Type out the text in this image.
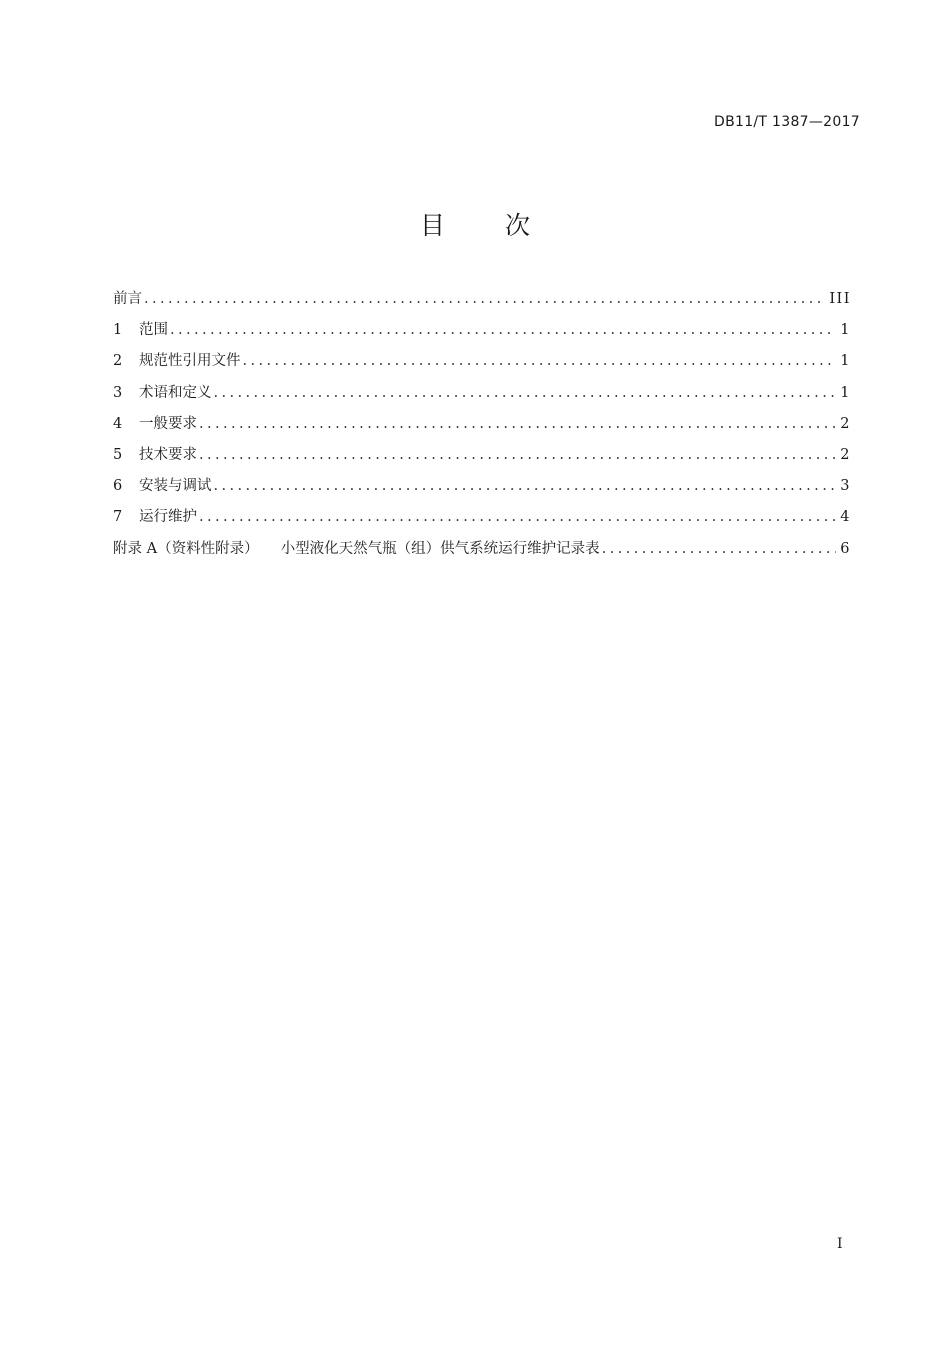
DB11/T 1387—2017
目 次
前言 .....	III
1	范围 .....	1
2	规范性引用文件 .....	1
3	术语和定义 .....	1
4	一般要求 .....	2
5	技术要求 .....	2
6	安装与调试 .....	3
7	运行维护 .....	4
附录 A（资料性附录） 小型液化天然气瓶（组）供气系统运行维护记录表 .....	6
I
